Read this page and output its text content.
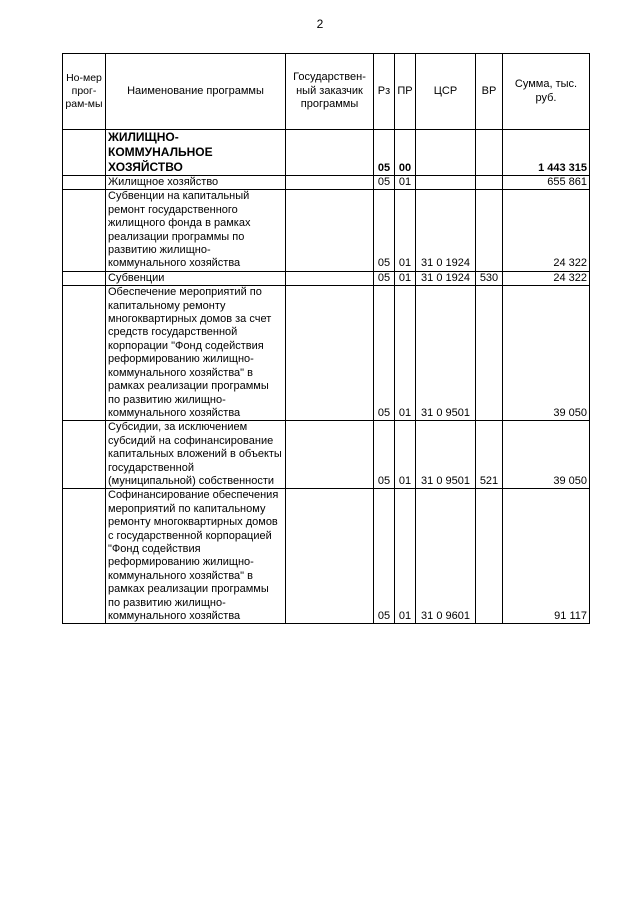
2
Но-мер прог-рам-мы	Наименование программы	Государствен-ный заказчик программы	Рз	ПР	ЦСР	ВР	Сумма, тыс. руб.
	ЖИЛИЩНО-КОММУНАЛЬНОЕ ХОЗЯЙСТВО		05	00			1 443 315
	Жилищное хозяйство		05	01			655 861
	Субвенции на капитальный ремонт государственного жилищного фонда в рамках реализации программы по развитию жилищно-коммунального хозяйства		05	01	31 0 1924		24 322
	Субвенции		05	01	31 0 1924	530	24 322
	Обеспечение мероприятий по капитальному ремонту многоквартирных домов за счет средств государственной корпорации "Фонд содействия реформированию жилищно-коммунального хозяйства" в рамках реализации программы по развитию жилищно-коммунального хозяйства		05	01	31 0 9501		39 050
	Субсидии, за исключением субсидий на софинансирование капитальных вложений в объекты государственной (муниципальной) собственности		05	01	31 0 9501	521	39 050
	Софинансирование обеспечения мероприятий по капитальному ремонту многоквартирных домов с государственной корпорацией "Фонд содействия реформированию жилищно-коммунального хозяйства" в рамках реализации программы по развитию жилищно-коммунального хозяйства		05	01	31 0 9601		91 117
